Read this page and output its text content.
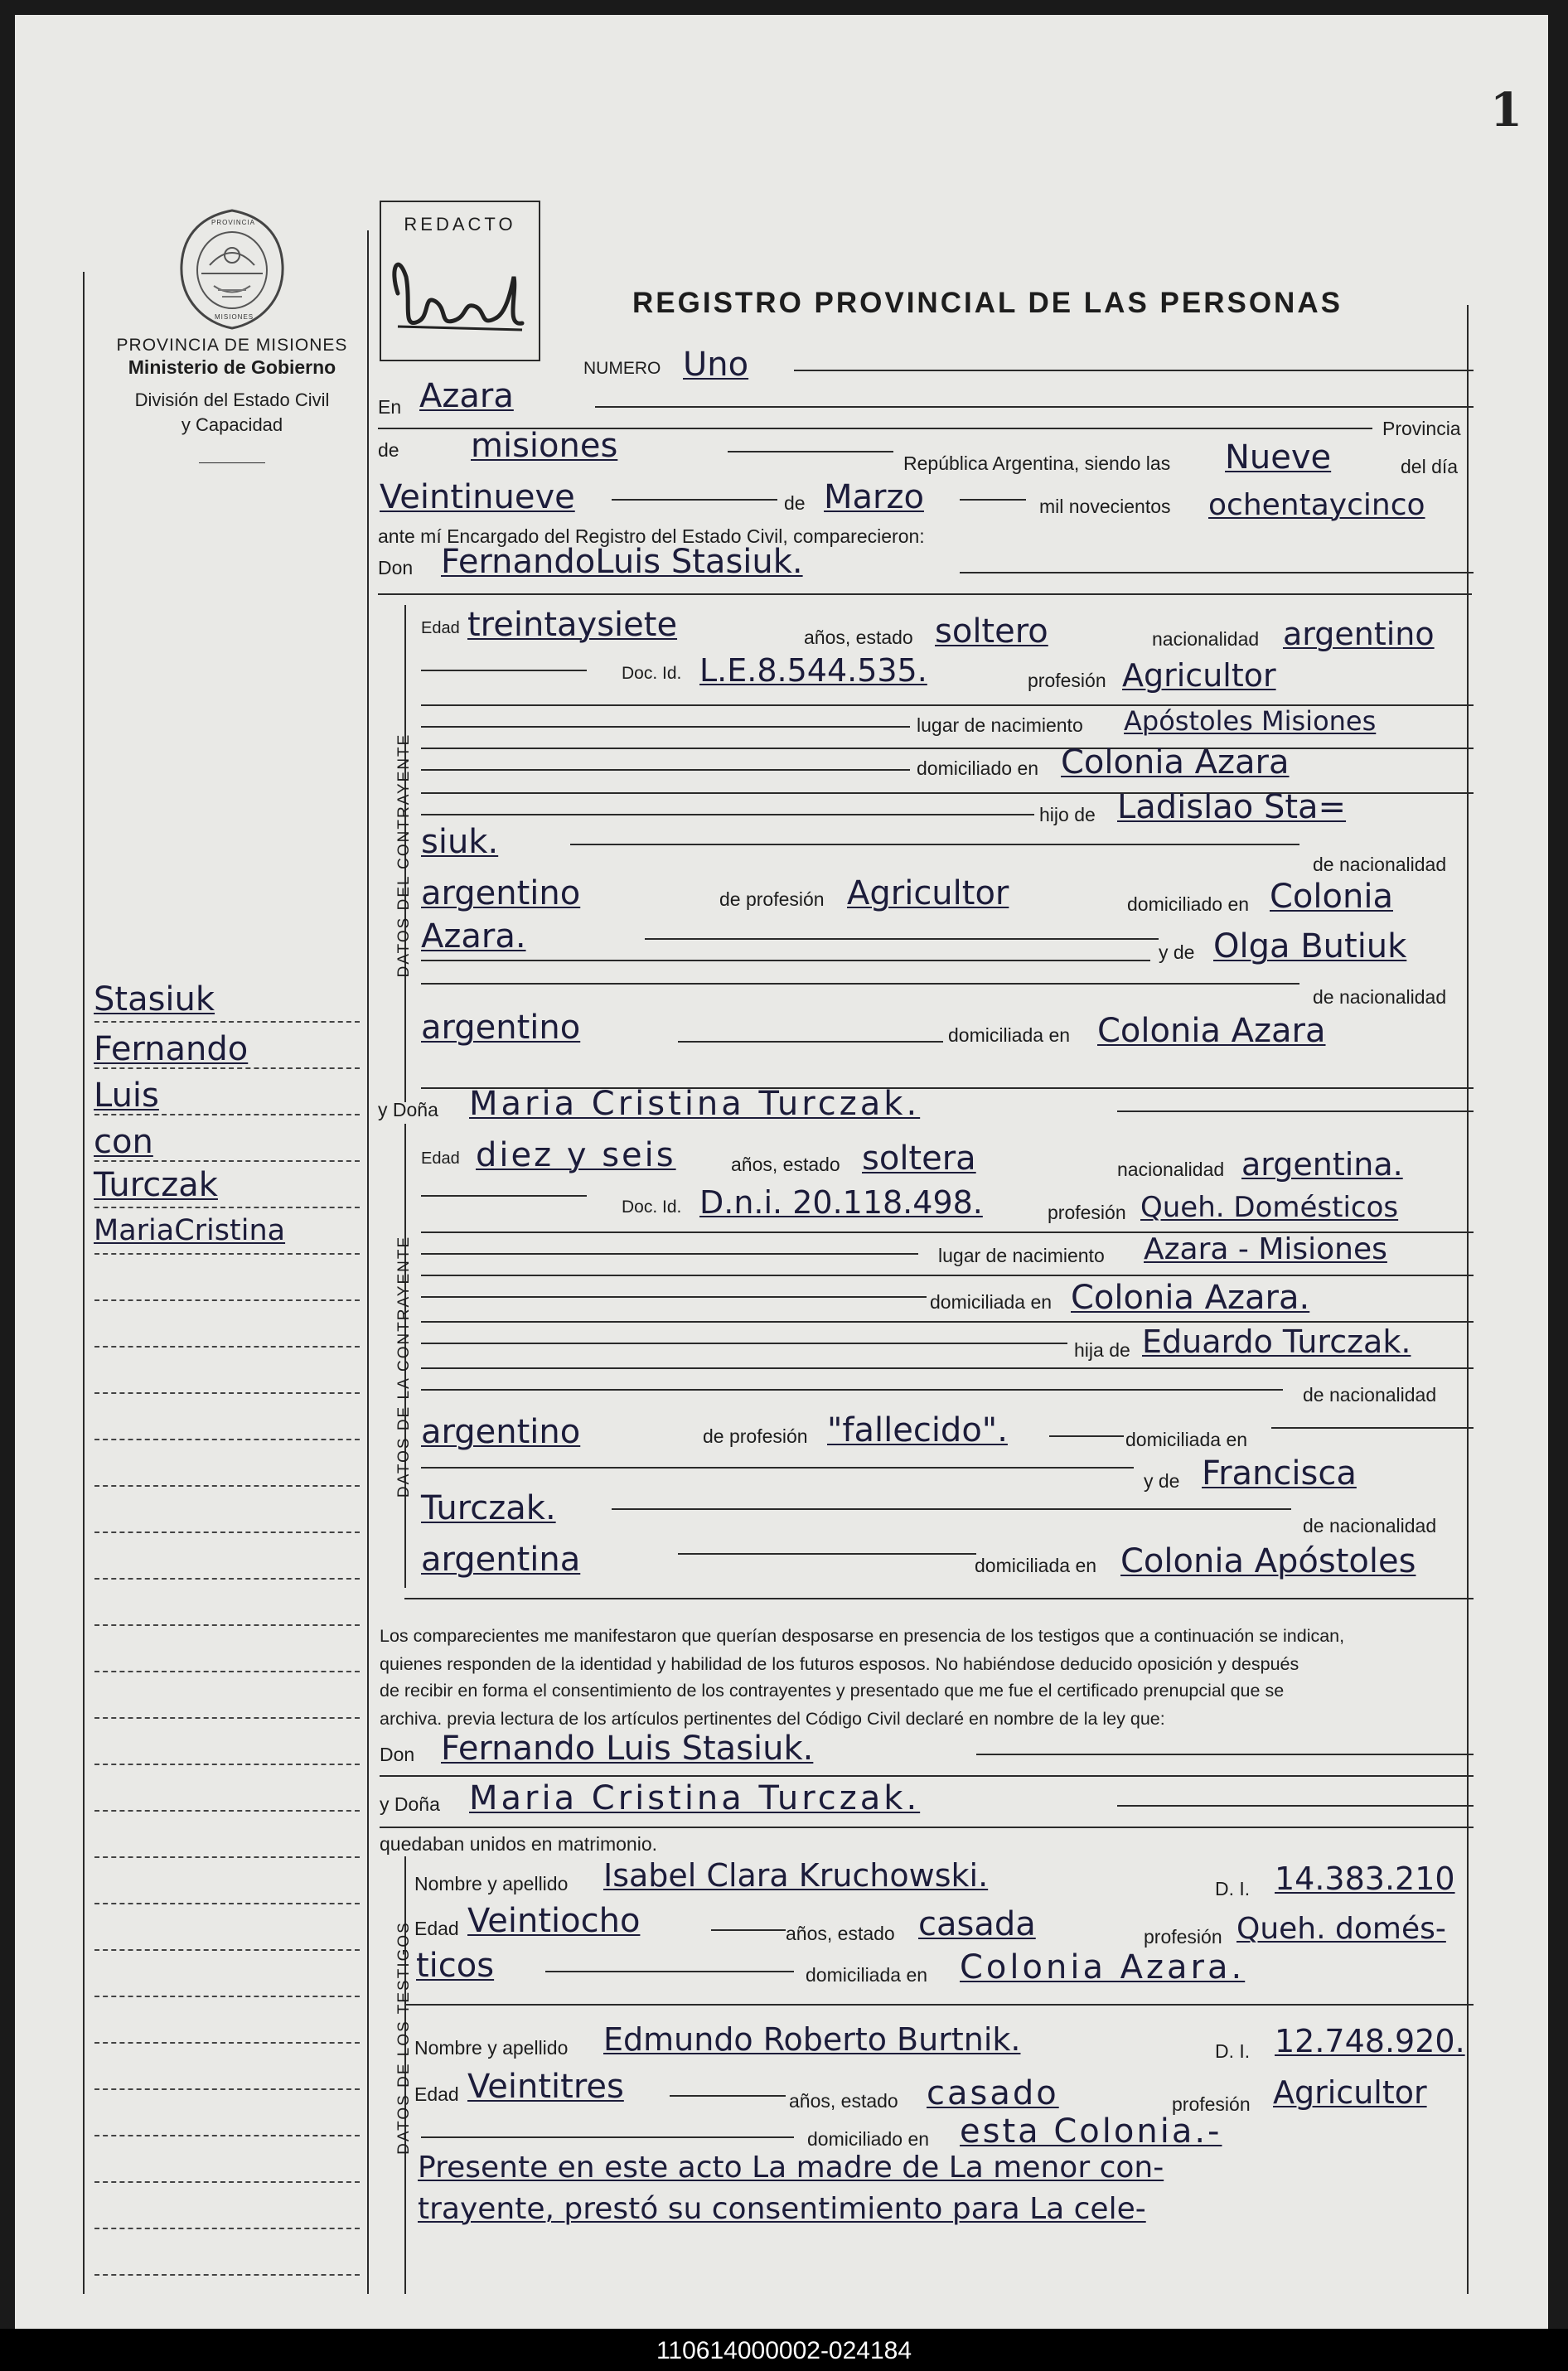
1
PROVINCIA
MISIONES
PROVINCIA DE MISIONES
Ministerio de Gobierno
División del Estado Civil
y Capacidad
REDACTO
REGISTRO PROVINCIAL DE LAS PERSONAS
Stasiuk
Fernando
Luis
con
Turczak
MariaCristina
NUMERO Uno
En Azara
Provincia
de misiones	República Argentina, siendo las Nueve	del día
Veintinueve	de Marzo	mil novecientos ochentaycinco
ante mí Encargado del Registro del Estado Civil, comparecieron:
Don FernandoLuis Stasiuk.
DATOS DEL CONTRAYENTE
Edad treintaysiete	años, estado soltero	nacionalidad argentino
Doc. Id. L.E.8.544.535.	profesión Agricultor
lugar de nacimiento Apóstoles Misiones
domiciliado en Colonia Azara
hijo de Ladislao Sta=
siuk.
de nacionalidad
argentino	de profesión Agricultor	domiciliado en Colonia
Azara.	y de Olga Butiuk
de nacionalidad
argentino	domiciliada en Colonia Azara
y Doña Maria Cristina Turczak.
DATOS DE LA CONTRAYENTE
Edad diez y seis	años, estado soltera	nacionalidad argentina.
Doc. Id. D.n.i. 20.118.498.	profesión Queh. Domésticos
lugar de nacimiento Azara - Misiones
domiciliada en Colonia Azara.
hija de Eduardo Turczak.
de nacionalidad
argentino	de profesión "fallecido".	domiciliada en
y de Francisca
Turczak.	de nacionalidad
argentina	domiciliada en Colonia Apóstoles
Los comparecientes me manifestaron que querían desposarse en presencia de los testigos que a continuación se indican,
quienes responden de la identidad y habilidad de los futuros esposos. No habiéndose deducido oposición y después
de recibir en forma el consentimiento de los contrayentes y presentado que me fue el certificado prenupcial que se
archiva. previa lectura de los artículos pertinentes del Código Civil declaré en nombre de la ley que:
Don Fernando Luis Stasiuk.
y Doña Maria Cristina Turczak.
quedaban unidos en matrimonio.
DATOS DE LOS TESTIGOS
Nombre y apellido Isabel Clara Kruchowski.	D. I. 14.383.210
Edad Veintiocho	años, estado casada	profesión Queh. domés-
ticos	domiciliada en Colonia Azara.
Nombre y apellido Edmundo Roberto Burtnik.	D. I. 12.748.920.
Edad Veintitres	años, estado casado	profesión Agricultor
domiciliado en esta Colonia.-
Presente en este acto La madre de La menor con-
trayente, prestó su consentimiento para La cele-
110614000002-024184
